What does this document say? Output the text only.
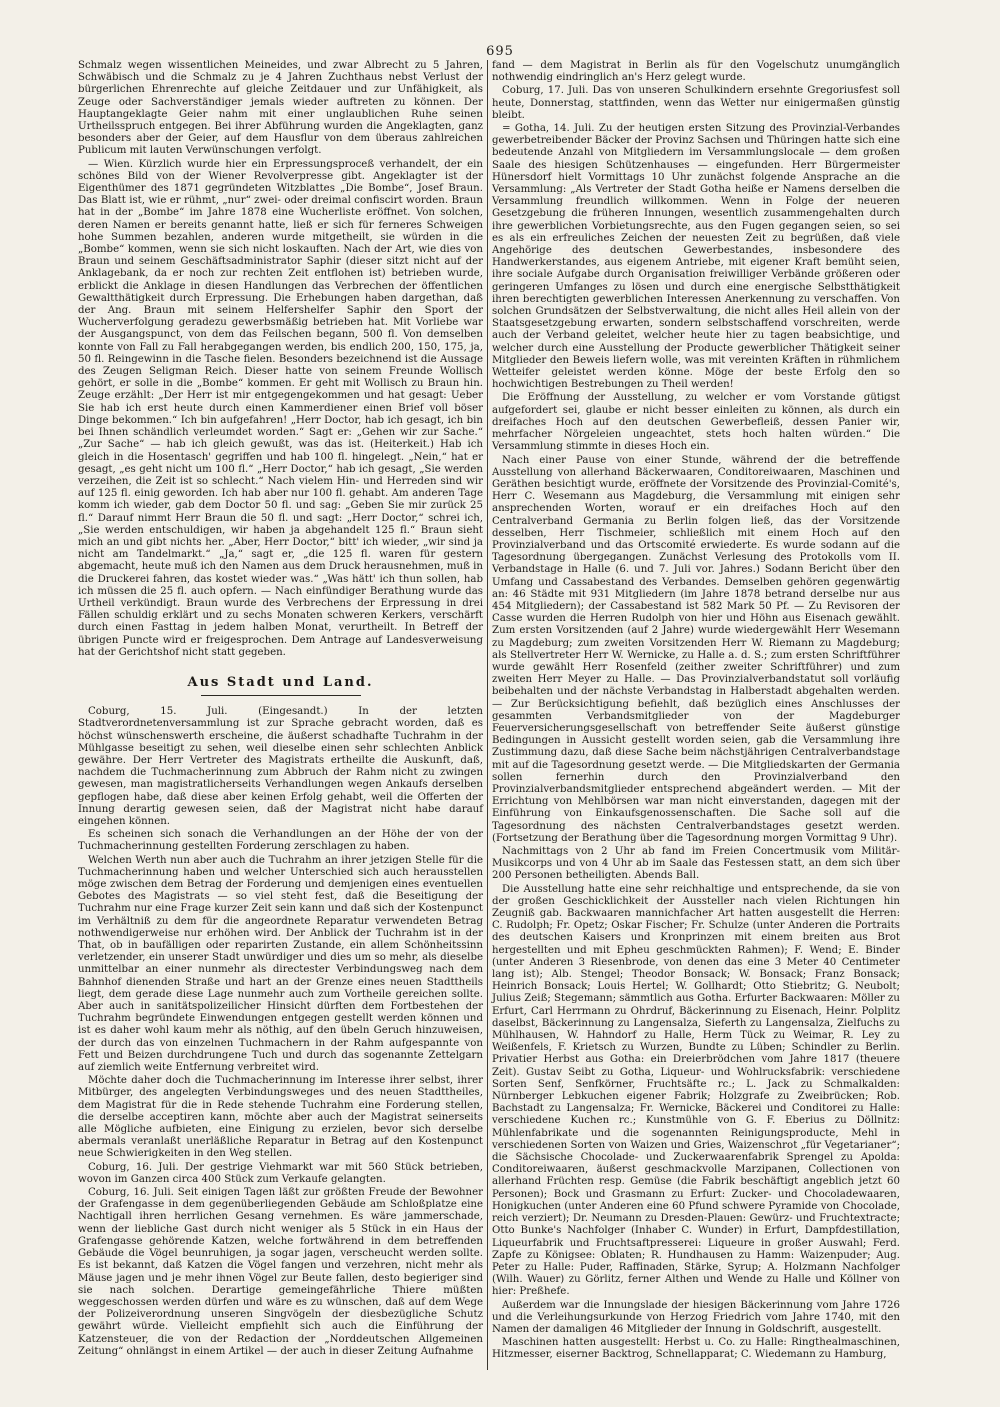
695

Schmalz wegen wissentlichen Meineides, und zwar Albrecht zu 5 Jahren, Schwäbisch und die Schmalz zu je 4 Jahren Zuchthaus nebst Verlust der bürgerlichen Ehrenrechte auf gleiche Zeitdauer und zur Unfähigkeit, als Zeuge oder Sachverständiger jemals wieder auftreten zu können. Der Hauptangeklagte Geier nahm mit einer unglaublichen Ruhe seinen Urtheilsspruch entgegen. Bei ihrer Abführung wurden die Angeklagten, ganz besonders aber der Geier, auf dem Hausflur von dem überaus zahlreichen Publicum mit lauten Verwünschungen verfolgt.

— Wien. Kürzlich wurde hier ein Erpressungsproceß verhandelt, der ein schönes Bild von der Wiener Revolverpresse gibt. Angeklagter ist der Eigenthümer des 1871 gegründeten Witzblattes „Die Bombe“, Josef Braun. Das Blatt ist, wie er rühmt, „nur“ zwei- oder dreimal confiscirt worden. Braun hat in der „Bombe“ im Jahre 1878 eine Wucherliste eröffnet. Von solchen, deren Namen er bereits genannt hatte, ließ er sich für ferneres Schweigen hohe Summen bezahlen, anderen wurde mitgetheilt, sie würden in die „Bombe“ kommen, wenn sie sich nicht loskauften. Nach der Art, wie dies von Braun und seinem Geschäftsadministrator Saphir (dieser sitzt nicht auf der Anklagebank, da er noch zur rechten Zeit entflohen ist) betrieben wurde, erblickt die Anklage in diesen Handlungen das Verbrechen der öffentlichen Gewaltthätigkeit durch Erpressung. Die Erhebungen haben dargethan, daß der Ang. Braun mit seinem Helfershelfer Saphir den Sport der Wucherverfolgung geradezu gewerbsmäßig betrieben hat. Mit Vorliebe war der Ausgangspunct, von dem das Feilschen begann, 500 fl. Von demselben konnte von Fall zu Fall herabgegangen werden, bis endlich 200, 150, 175, ja, 50 fl. Reingewinn in die Tasche fielen. Besonders bezeichnend ist die Aussage des Zeugen Seligman Reich. Dieser hatte von seinem Freunde Wollisch gehört, er solle in die „Bombe“ kommen. Er geht mit Wollisch zu Braun hin. Zeuge erzählt: „Der Herr ist mir entgegengekommen und hat gesagt: Ueber Sie hab ich erst heute durch einen Kammerdiener einen Brief voll böser Dinge bekommen.“ Ich bin aufgefahren! „Herr Doctor, hab ich gesagt, ich bin bei Ihnen schändlich verleumdet worden.“ Sagt er: „Gehen wir zur Sache.“ „Zur Sache“ — hab ich gleich gewußt, was das ist. (Heiterkeit.) Hab ich gleich in die Hosentasch' gegriffen und hab 100 fl. hingelegt. „Nein,“ hat er gesagt, „es geht nicht um 100 fl.“ „Herr Doctor,“ hab ich gesagt, „Sie werden verzeihen, die Zeit ist so schlecht.“ Nach vielem Hin- und Herreden sind wir auf 125 fl. einig geworden. Ich hab aber nur 100 fl. gehabt. Am anderen Tage komm ich wieder, gab dem Doctor 50 fl. und sag: „Geben Sie mir zurück 25 fl.“ Darauf nimmt Herr Braun die 50 fl. und sagt: „Herr Doctor,“ schrei ich, „Sie werden entschuldigen, wir haben ja abgehandelt 125 fl.“ Braun sieht mich an und gibt nichts her. „Aber, Herr Doctor,“ bitt' ich wieder, „wir sind ja nicht am Tandelmarkt.“ „Ja,“ sagt er, „die 125 fl. waren für gestern abgemacht, heute muß ich den Namen aus dem Druck herausnehmen, muß in die Druckerei fahren, das kostet wieder was.“ „Was hätt' ich thun sollen, hab ich müssen die 25 fl. auch opfern. — Nach einfündiger Berathung wurde das Urtheil verkündigt. Braun wurde des Verbrechens der Erpressung in drei Fällen schuldig erklärt und zu sechs Monaten schweren Kerkers, verschärft durch einen Fasttag in jedem halben Monat, verurtheilt. In Betreff der übrigen Puncte wird er freigesprochen. Dem Antrage auf Landesverweisung hat der Gerichtshof nicht statt gegeben.

Aus Stadt und Land.

Coburg, 15. Juli. (Eingesandt.) In der letzten Stadtverordnetenversammlung ist zur Sprache gebracht worden, daß es höchst wünschenswerth erscheine, die äußerst schadhafte Tuchrahm in der Mühlgasse beseitigt zu sehen, weil dieselbe einen sehr schlechten Anblick gewähre. Der Herr Vertreter des Magistrats ertheilte die Auskunft, daß, nachdem die Tuchmacherinnung zum Abbruch der Rahm nicht zu zwingen gewesen, man magistratlicherseits Verhandlungen wegen Ankaufs derselben gepflogen habe, daß diese aber keinen Erfolg gehabt, weil die Offerten der Innung derartig gewesen seien, daß der Magistrat nicht habe darauf eingehen können.

Es scheinen sich sonach die Verhandlungen an der Höhe der von der Tuchmacherinnung gestellten Forderung zerschlagen zu haben.

Welchen Werth nun aber auch die Tuchrahm an ihrer jetzigen Stelle für die Tuchmacherinnung haben und welcher Unterschied sich auch herausstellen möge zwischen dem Betrag der Forderung und demjenigen eines eventuellen Gebotes des Magistrats — so viel steht fest, daß die Beseitigung der Tuchrahm nur eine Frage kurzer Zeit sein kann und daß sich der Kostenpunct im Verhältniß zu dem für die angeordnete Reparatur verwendeten Betrag nothwendigerweise nur erhöhen wird. Der Anblick der Tuchrahm ist in der That, ob in baufälligen oder reparirten Zustande, ein allem Schönheitssinn verletzender, ein unserer Stadt unwürdiger und dies um so mehr, als dieselbe unmittelbar an einer nunmehr als directester Verbindungsweg nach dem Bahnhof dienenden Straße und hart an der Grenze eines neuen Stadttheils liegt, dem gerade diese Lage nunmehr auch zum Vortheile gereichen sollte. Aber auch in sanitätspolizeilicher Hinsicht dürften dem Fortbestehen der Tuchrahm begründete Einwendungen entgegen gestellt werden können und ist es daher wohl kaum mehr als nöthig, auf den übeln Geruch hinzuweisen, der durch das von einzelnen Tuchmachern in der Rahm aufgespannte von Fett und Beizen durchdrungene Tuch und durch das sogenannte Zettelgarn auf ziemlich weite Entfernung verbreitet wird.

Möchte daher doch die Tuchmacherinnung im Interesse ihrer selbst, ihrer Mitbürger, des angelegten Verbindungsweges und des neuen Stadttheiles, dem Magistrat für die in Rede stehende Tuchrahm eine Forderung stellen, die derselbe acceptiren kann, möchte aber auch der Magistrat seinerseits alle Mögliche aufbieten, eine Einigung zu erzielen, bevor sich derselbe abermals veranlaßt unerläßliche Reparatur in Betrag auf den Kostenpunct neue Schwierigkeiten in den Weg stellen.

Coburg, 16. Juli. Der gestrige Viehmarkt war mit 560 Stück betrieben, wovon im Ganzen circa 400 Stück zum Verkaufe gelangten.

Coburg, 16. Juli. Seit einigen Tagen läßt zur größten Freude der Bewohner der Grafengasse in dem gegenüberliegenden Gebäude am Schloßplatze eine Nachtigall ihren herrlichen Gesang vernehmen. Es wäre jammerschade, wenn der liebliche Gast durch nicht weniger als 5 Stück in ein Haus der Grafengasse gehörende Katzen, welche fortwährend in dem betreffenden Gebäude die Vögel beunruhigen, ja sogar jagen, verscheucht werden sollte. Es ist bekannt, daß Katzen die Vögel fangen und verzehren, nicht mehr als Mäuse jagen und je mehr ihnen Vögel zur Beute fallen, desto begieriger sind sie nach solchen. Derartige gemeingefährliche Thiere müßten weggeschossen werden dürfen und wäre es zu wünschen, daß auf dem Wege der Polizeiverordnung unseren Singvögeln der diesbezügliche Schutz gewährt würde. Vielleicht empfiehlt sich auch die Einführung der Katzensteuer, die von der Redaction der „Norddeutschen Allgemeinen Zeitung“ ohnlängst in einem Artikel — der auch in dieser Zeitung Aufnahme

fand — dem Magistrat in Berlin als für den Vogelschutz unumgänglich nothwendig eindringlich an's Herz gelegt wurde.

Coburg, 17. Juli. Das von unseren Schulkindern ersehnte Gregoriusfest soll heute, Donnerstag, stattfinden, wenn das Wetter nur einigermaßen günstig bleibt.

= Gotha, 14. Juli. Zu der heutigen ersten Sitzung des Provinzial-Verbandes gewerbetreibender Bäcker der Provinz Sachsen und Thüringen hatte sich eine bedeutende Anzahl von Mitgliedern im Versammlungslocale — dem großen Saale des hiesigen Schützenhauses — eingefunden. Herr Bürgermeister Hünersdorf hielt Vormittags 10 Uhr zunächst folgende Ansprache an die Versammlung: „Als Vertreter der Stadt Gotha heiße er Namens derselben die Versammlung freundlich willkommen. Wenn in Folge der neueren Gesetzgebung die früheren Innungen, wesentlich zusammengehalten durch ihre gewerblichen Vorbietungsrechte, aus den Fugen gegangen seien, so sei es als ein erfreuliches Zeichen der neuesten Zeit zu begrüßen, daß viele Angehörige des deutschen Gewerbestandes, insbesondere des Handwerkerstandes, aus eigenem Antriebe, mit eigener Kraft bemüht seien, ihre sociale Aufgabe durch Organisation freiwilliger Verbände größeren oder geringeren Umfanges zu lösen und durch eine energische Selbstthätigkeit ihren berechtigten gewerblichen Interessen Anerkennung zu verschaffen. Von solchen Grundsätzen der Selbstverwaltung, die nicht alles Heil allein von der Staatsgesetzgebung erwarten, sondern selbstschaffend vorschreiten, werde auch der Verband geleitet, welcher heute hier zu tagen beabsichtige, und welcher durch eine Ausstellung der Producte gewerblicher Thätigkeit seiner Mitglieder den Beweis liefern wolle, was mit vereinten Kräften in rühmlichem Wetteifer geleistet werden könne. Möge der beste Erfolg den so hochwichtigen Bestrebungen zu Theil werden!

Die Eröffnung der Ausstellung, zu welcher er vom Vorstande gütigst aufgefordert sei, glaube er nicht besser einleiten zu können, als durch ein dreifaches Hoch auf den deutschen Gewerbefleiß, dessen Panier wir, mehrfacher Nörgeleien ungeachtet, stets hoch halten würden.“ Die Versammlung stimmte in dieses Hoch ein.

Nach einer Pause von einer Stunde, während der die betreffende Ausstellung von allerhand Bäckerwaaren, Conditoreiwaaren, Maschinen und Geräthen besichtigt wurde, eröffnete der Vorsitzende des Provinzial-Comité's, Herr C. Wesemann aus Magdeburg, die Versammlung mit einigen sehr ansprechenden Worten, worauf er ein dreifaches Hoch auf den Centralverband Germania zu Berlin folgen ließ, das der Vorsitzende desselben, Herr Tischmeier, schließlich mit einem Hoch auf den Provinzialverband und das Ortscomité erwiederte. Es wurde sodann auf die Tagesordnung übergegangen. Zunächst Verlesung des Protokolls vom II. Verbandstage in Halle (6. und 7. Juli vor. Jahres.) Sodann Bericht über den Umfang und Cassabestand des Verbandes. Demselben gehören gegenwärtig an: 46 Städte mit 931 Mitgliedern (im Jahre 1878 betrand derselbe nur aus 454 Mitgliedern); der Cassabestand ist 582 Mark 50 Pf. — Zu Revisoren der Casse wurden die Herren Rudolph von hier und Höhn aus Eisenach gewählt. Zum ersten Vorsitzenden (auf 2 Jahre) wurde wiedergewählt Herr Wesemann zu Magdeburg; zum zweiten Vorsitzenden Herr W. Riemann zu Magdeburg; als Stellvertreter Herr W. Wernicke, zu Halle a. d. S.; zum ersten Schriftführer wurde gewählt Herr Rosenfeld (zeither zweiter Schriftführer) und zum zweiten Herr Meyer zu Halle. — Das Provinzialverbandstatut soll vorläufig beibehalten und der nächste Verbandstag in Halberstadt abgehalten werden. — Zur Berücksichtigung befiehlt, daß bezüglich eines Anschlusses der gesammten Verbandsmitglieder von der Magdeburger Feuerversicherungsgesellschaft von betreffender Seite äußerst günstige Bedingungen in Aussicht gestellt worden seien, gab die Versammlung ihre Zustimmung dazu, daß diese Sache beim nächstjährigen Centralverbandstage mit auf die Tagesordnung gesetzt werde. — Die Mitgliedskarten der Germania sollen fernerhin durch den Provinzialverband den Provinzialverbandsmitglieder entsprechend abgeändert werden. — Mit der Errichtung von Mehlbörsen war man nicht einverstanden, dagegen mit der Einführung von Einkaufsgenossenschaften. Die Sache soll auf die Tagesordnung des nächsten Centralverbandstages gesetzt werden. (Fortsetzung der Berathung über die Tagesordnung morgen Vormittag 9 Uhr).

Nachmittags von 2 Uhr ab fand im Freien Concertmusik vom Militär-Musikcorps und von 4 Uhr ab im Saale das Festessen statt, an dem sich über 200 Personen betheiligten. Abends Ball.

Die Ausstellung hatte eine sehr reichhaltige und entsprechende, da sie von der großen Geschicklichkeit der Aussteller nach vielen Richtungen hin Zeugniß gab. Backwaaren mannichfacher Art hatten ausgestellt die Herren: C. Rudolph; Fr. Opetz; Oskar Fischer; Fr. Schulze (unter Anderen die Portraits des deutschen Kaisers und Kronprinzen mit einem breiten aus Brot hergestellten und mit Epheu geschmückten Rahmen); F. Wend; E. Binder (unter Anderen 3 Riesenbrode, von denen das eine 3 Meter 40 Centimeter lang ist); Alb. Stengel; Theodor Bonsack; W. Bonsack; Franz Bonsack; Heinrich Bonsack; Louis Hertel; W. Gollhardt; Otto Stiebritz; G. Neubolt; Julius Zeiß; Stegemann; sämmtlich aus Gotha. Erfurter Backwaaren: Möller zu Erfurt, Carl Herrmann zu Ohrdruf, Bäckerinnung zu Eisenach, Heinr. Polplitz daselbst, Bäckerinnung zu Langensalza, Sieferth zu Langensalza, Zielfuchs zu Mühlhausen, W. Hahndorf zu Halle, Herm Tück zu Weimar, R. Ley zu Weißenfels, F. Krietsch zu Wurzen, Bundte zu Lüben; Schindler zu Berlin. Privatier Herbst aus Gotha: ein Dreierbrödchen vom Jahre 1817 (theuere Zeit). Gustav Seibt zu Gotha, Liqueur- und Wohlrucksfabrik: verschiedene Sorten Senf, Senfkörner, Fruchtsäfte rc.; L. Jack zu Schmalkalden: Nürnberger Lebkuchen eigener Fabrik; Holzgrafe zu Zweibrücken; Rob. Bachstadt zu Langensalza; Fr. Wernicke, Bäckerei und Conditorei zu Halle: verschiedene Kuchen rc.; Kunstmühle von G. F. Eberius zu Döllnitz: Mühlenfabrikate und die sogenannten Reinigungsproducte, Mehl in verschiedenen Sorten von Waizen und Gries, Waizenschrot „für Vegetarianer“; die Sächsische Chocolade- und Zuckerwaarenfabrik Sprengel zu Apolda: Conditoreiwaaren, äußerst geschmackvolle Marzipanen, Collectionen von allerhand Früchten resp. Gemüse (die Fabrik beschäftigt angeblich jetzt 60 Personen); Bock und Grasmann zu Erfurt: Zucker- und Chocoladewaaren, Honigkuchen (unter Anderen eine 60 Pfund schwere Pyramide von Chocolade, reich verziert); Dr. Neumann zu Dresden-Plauen: Gewürz- und Fruchtextracte; Otto Bunke's Nachfolger (Inhaber C. Wunder) in Erfurt, Dampfdestillation, Liqueurfabrik und Fruchtsaftpresserei: Liqueure in großer Auswahl; Ferd. Zapfe zu Königsee: Oblaten; R. Hundhausen zu Hamm: Waizenpuder; Aug. Peter zu Halle: Puder, Raffinaden, Stärke, Syrup; A. Holzmann Nachfolger (Wilh. Wauer) zu Görlitz, ferner Althen und Wende zu Halle und Köllner von hier: Preßhefe.

Außerdem war die Innungslade der hiesigen Bäckerinnung vom Jahre 1726 und die Verleihungsurkunde von Herzog Friedrich vom Jahre 1740, mit den Namen der damaligen 46 Mitglieder der Innung in Goldschrift, ausgestellt.

Maschinen hatten ausgestellt: Herbst u. Co. zu Halle: Ringthealmaschinen, Hitzmesser, eiserner Backtrog, Schnellapparat; C. Wiedemann zu Hamburg,
